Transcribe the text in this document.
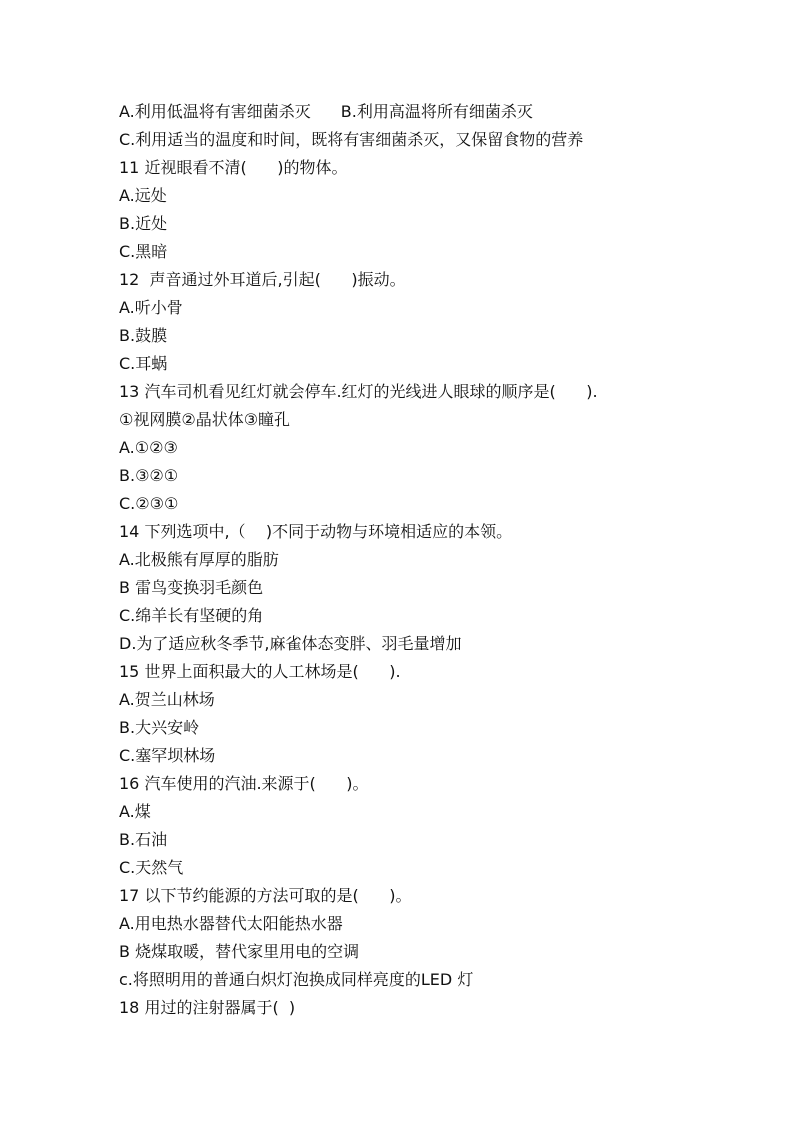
A.利用低温将有害细菌杀灭 B.利用高温将所有细菌杀灭
C.利用适当的温度和时间，既将有害细菌杀灭，又保留食物的营养
11 近视眼看不清(      )的物体。
A.远处
B.近处
C.黑暗
12  声音通过外耳道后,引起(      )振动。
A.听小骨
B.鼓膜
C.耳蜗
13 汽车司机看见红灯就会停车.红灯的光线进人眼球的顺序是(      ).
①视网膜②晶状体③瞳孔
A.①②③
B.③②①
C.②③①
14 下列选项中,（    )不同于动物与环境相适应的本领。
A.北极熊有厚厚的脂肪
B 雷鸟变换羽毛颜色
C.绵羊长有坚硬的角
D.为了适应秋冬季节,麻雀体态变胖、羽毛量增加
15 世界上面积最大的人工林场是(      ).
A.贺兰山林场
B.大兴安岭
C.塞罕坝林场
16 汽车使用的汽油.来源于(      )。
A.煤
B.石油
C.天然气
17 以下节约能源的方法可取的是(      )。
A.用电热水器替代太阳能热水器
B 烧煤取暖，替代家里用电的空调
c.将照明用的普通白炽灯泡换成同样亮度的LED 灯
18 用过的注射器属于(  )
